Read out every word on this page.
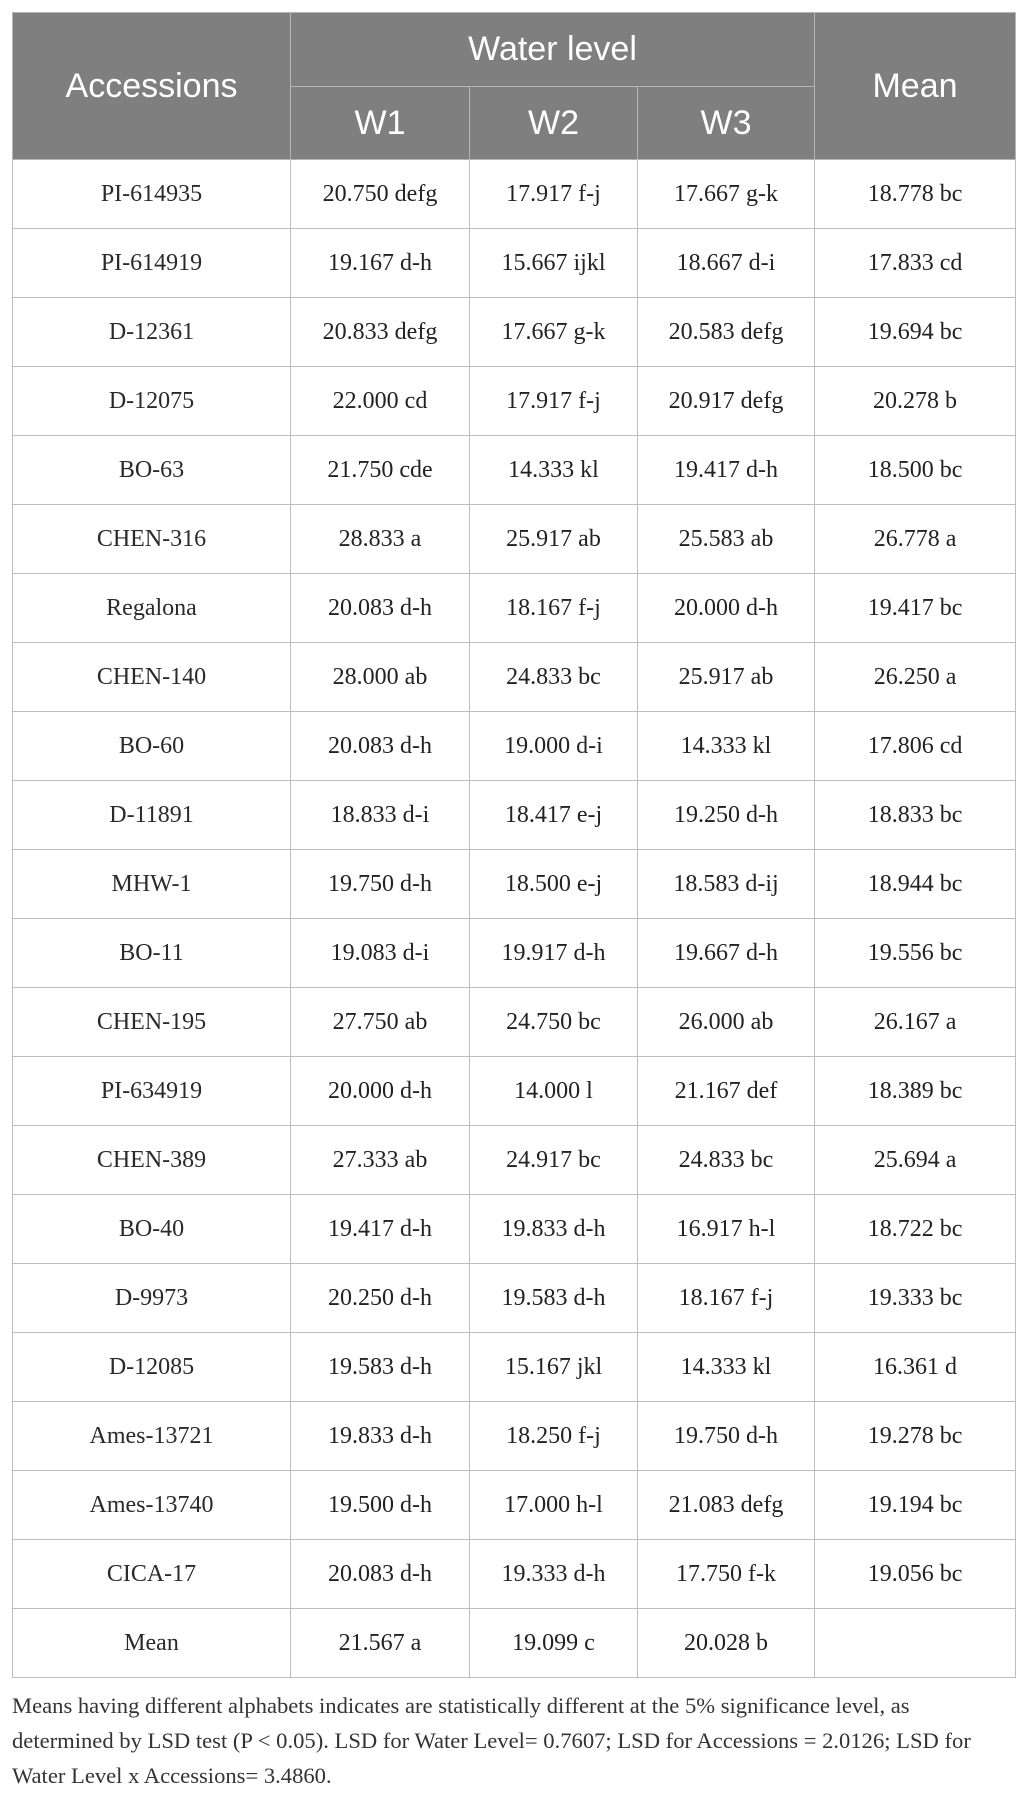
Accessions	Water level			Mean
	W1	W2	W3	
PI-614935	20.750 defg	17.917 f-j	17.667 g-k	18.778 bc
PI-614919	19.167 d-h	15.667 ijkl	18.667 d-i	17.833 cd
D-12361	20.833 defg	17.667 g-k	20.583 defg	19.694 bc
D-12075	22.000 cd	17.917 f-j	20.917 defg	20.278 b
BO-63	21.750 cde	14.333 kl	19.417 d-h	18.500 bc
CHEN-316	28.833 a	25.917 ab	25.583 ab	26.778 a
Regalona	20.083 d-h	18.167 f-j	20.000 d-h	19.417 bc
CHEN-140	28.000 ab	24.833 bc	25.917 ab	26.250 a
BO-60	20.083 d-h	19.000 d-i	14.333 kl	17.806 cd
D-11891	18.833 d-i	18.417 e-j	19.250 d-h	18.833 bc
MHW-1	19.750 d-h	18.500 e-j	18.583 d-ij	18.944 bc
BO-11	19.083 d-i	19.917 d-h	19.667 d-h	19.556 bc
CHEN-195	27.750 ab	24.750 bc	26.000 ab	26.167 a
PI-634919	20.000 d-h	14.000 l	21.167 def	18.389 bc
CHEN-389	27.333 ab	24.917 bc	24.833 bc	25.694 a
BO-40	19.417 d-h	19.833 d-h	16.917 h-l	18.722 bc
D-9973	20.250 d-h	19.583 d-h	18.167 f-j	19.333 bc
D-12085	19.583 d-h	15.167 jkl	14.333 kl	16.361 d
Ames-13721	19.833 d-h	18.250 f-j	19.750 d-h	19.278 bc
Ames-13740	19.500 d-h	17.000 h-l	21.083 defg	19.194 bc
CICA-17	20.083 d-h	19.333 d-h	17.750 f-k	19.056 bc
Mean	21.567 a	19.099 c	20.028 b	
Means having different alphabets indicates are statistically different at the 5% significance level, as determined by LSD test (P < 0.05). LSD for Water Level= 0.7607; LSD for Accessions = 2.0126; LSD for Water Level x Accessions= 3.4860.
